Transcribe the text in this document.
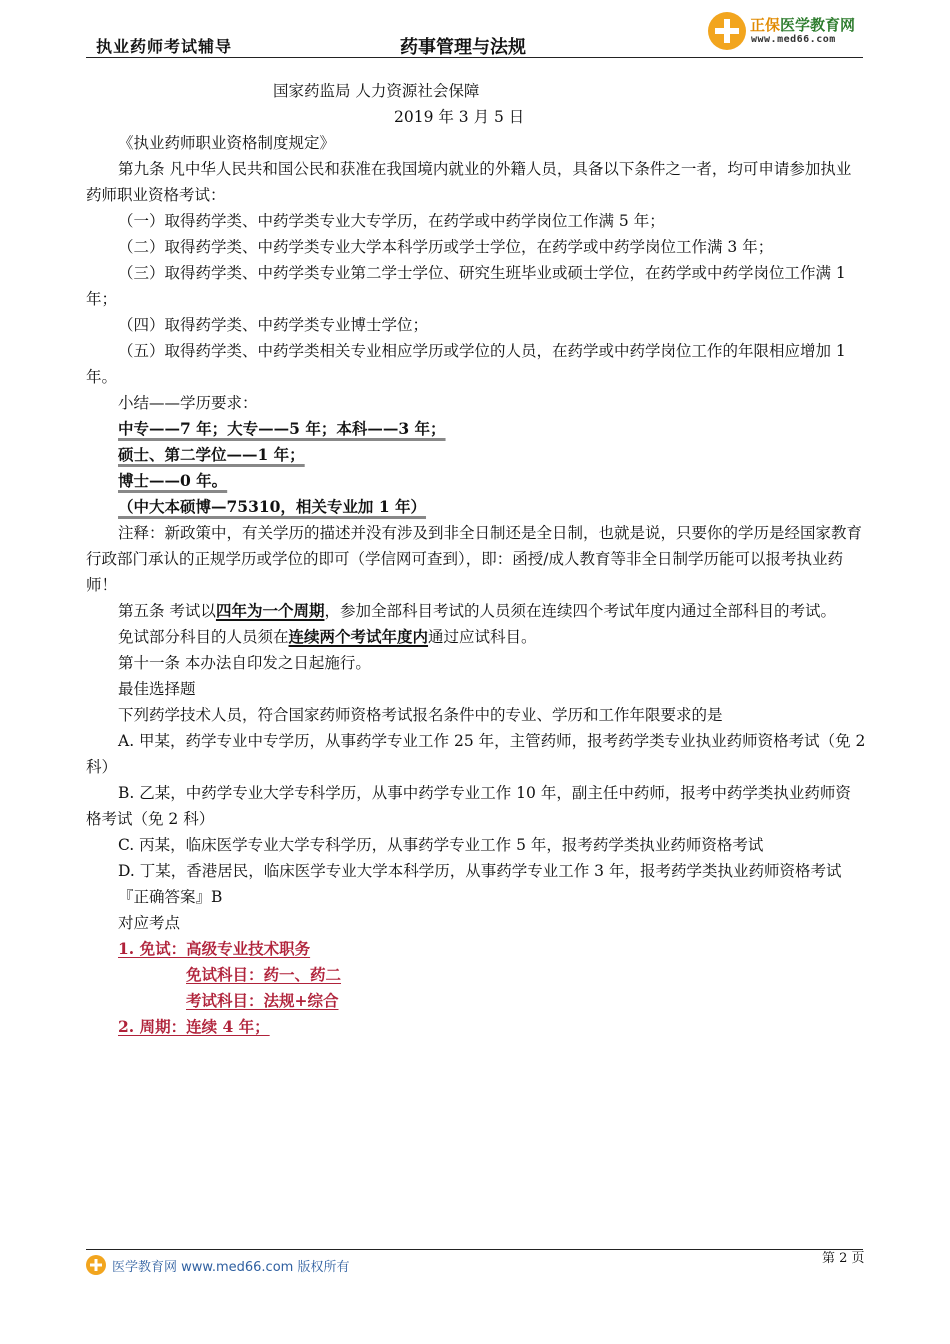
执业药师考试辅导	药事管理与法规
正保医学教育网
www.med66.com

国家药监局 人力资源社会保障

2019 年 3 月 5 日

《执业药师职业资格制度规定》

第九条 凡中华人民共和国公民和获准在我国境内就业的外籍人员，具备以下条件之一者，均可申请参加执业药师职业资格考试：

（一）取得药学类、中药学类专业大专学历，在药学或中药学岗位工作满 5 年；

（二）取得药学类、中药学类专业大学本科学历或学士学位，在药学或中药学岗位工作满 3 年；

（三）取得药学类、中药学类专业第二学士学位、研究生班毕业或硕士学位，在药学或中药学岗位工作满 1 年；

（四）取得药学类、中药学类专业博士学位；

（五）取得药学类、中药学类相关专业相应学历或学位的人员，在药学或中药学岗位工作的年限相应增加 1 年。

小结——学历要求：

中专——7 年；大专——5 年；本科——3 年；

硕士、第二学位——1 年；

博士——0 年。

（中大本硕博—75310，相关专业加 1 年）

注释：新政策中，有关学历的描述并没有涉及到非全日制还是全日制，也就是说，只要你的学历是经国家教育行政部门承认的正规学历或学位的即可（学信网可查到），即：函授/成人教育等非全日制学历能可以报考执业药师！

第五条 考试以四年为一个周期，参加全部科目考试的人员须在连续四个考试年度内通过全部科目的考试。

免试部分科目的人员须在连续两个考试年度内通过应试科目。

第十一条 本办法自印发之日起施行。

最佳选择题

下列药学技术人员，符合国家药师资格考试报名条件中的专业、学历和工作年限要求的是

A. 甲某，药学专业中专学历，从事药学专业工作 25 年，主管药师，报考药学类专业执业药师资格考试（免 2 科）

B. 乙某，中药学专业大学专科学历，从事中药学专业工作 10 年，副主任中药师，报考中药学类执业药师资格考试（免 2 科）

C. 丙某，临床医学专业大学专科学历，从事药学专业工作 5 年，报考药学类执业药师资格考试

D. 丁某，香港居民，临床医学专业大学本科学历，从事药学专业工作 3 年，报考药学类执业药师资格考试

『正确答案』B

对应考点

1. 免试：高级专业技术职务

免试科目：药一、药二

考试科目：法规+综合

2. 周期：连续 4 年；

第 2 页
医学教育网 www.med66.com 版权所有
